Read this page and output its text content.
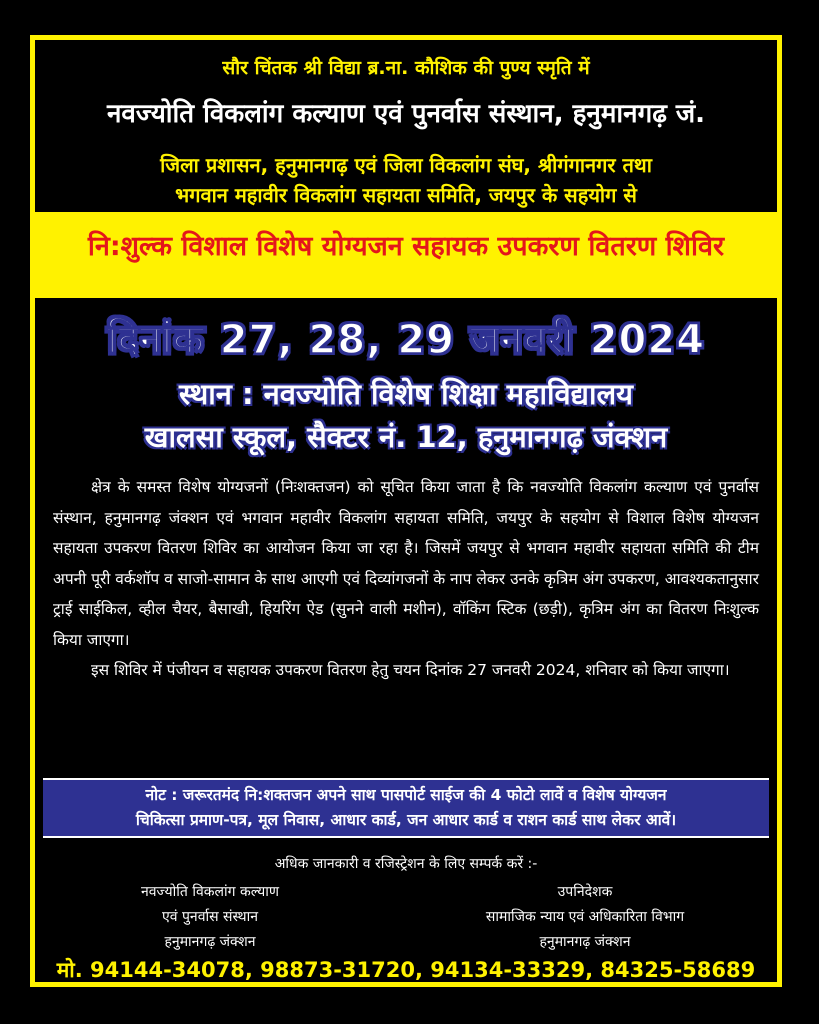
सौर चिंतक श्री विद्या ब्र.ना. कौशिक की पुण्य स्मृति में
नवज्योति विकलांग कल्याण एवं पुनर्वास संस्थान, हनुमानगढ़ जं.
जिला प्रशासन, हनुमानगढ़ एवं जिला विकलांग संघ, श्रीगंगानगर तथा
भगवान महावीर विकलांग सहायता समिति, जयपुर के सहयोग से
नि:शुल्क विशाल विशेष योग्यजन सहायक उपकरण वितरण शिविर
दिनांक 27, 28, 29 जनवरी 2024
स्थान : नवज्योति विशेष शिक्षा महाविद्यालय
खालसा स्कूल, सैक्टर नं. 12, हनुमानगढ़ जंक्शन

क्षेत्र के समस्त विशेष योग्यजनों (निःशक्तजन) को सूचित किया जाता है कि नवज्योति विकलांग कल्याण एवं पुनर्वास संस्थान, हनुमानगढ़ जंक्शन एवं भगवान महावीर विकलांग सहायता समिति, जयपुर के सहयोग से विशाल विशेष योग्यजन सहायता उपकरण वितरण शिविर का आयोजन किया जा रहा है। जिसमें जयपुर से भगवान महावीर सहायता समिति की टीम अपनी पूरी वर्कशॉप व साजो-सामान के साथ आएगी एवं दिव्यांगजनों के नाप लेकर उनके कृत्रिम अंग उपकरण, आवश्यकतानुसार ट्राई साईकिल, व्हील चैयर, बैसाखी, हियरिंग ऐड (सुनने वाली मशीन), वॉकिंग स्टिक (छड़ी), कृत्रिम अंग का वितरण निःशुल्क किया जाएगा।

इस शिविर में पंजीयन व सहायक उपकरण वितरण हेतु चयन दिनांक 27 जनवरी 2024, शनिवार को किया जाएगा।

नोट : जरूरतमंद नि:शक्तजन अपने साथ पासपोर्ट साईज की 4 फोटो लावें व विशेष योग्यजन
चिकित्सा प्रमाण-पत्र, मूल निवास, आधार कार्ड, जन आधार कार्ड व राशन कार्ड साथ लेकर आवें।
अधिक जानकारी व रजिस्ट्रेशन के लिए सम्पर्क करें :-
नवज्योति विकलांग कल्याण
एवं पुनर्वास संस्थान
हनुमानगढ़ जंक्शन
उपनिदेशक
सामाजिक न्याय एवं अधिकारिता विभाग
हनुमानगढ़ जंक्शन
मो. 94144-34078, 98873-31720, 94134-33329, 84325-58689
